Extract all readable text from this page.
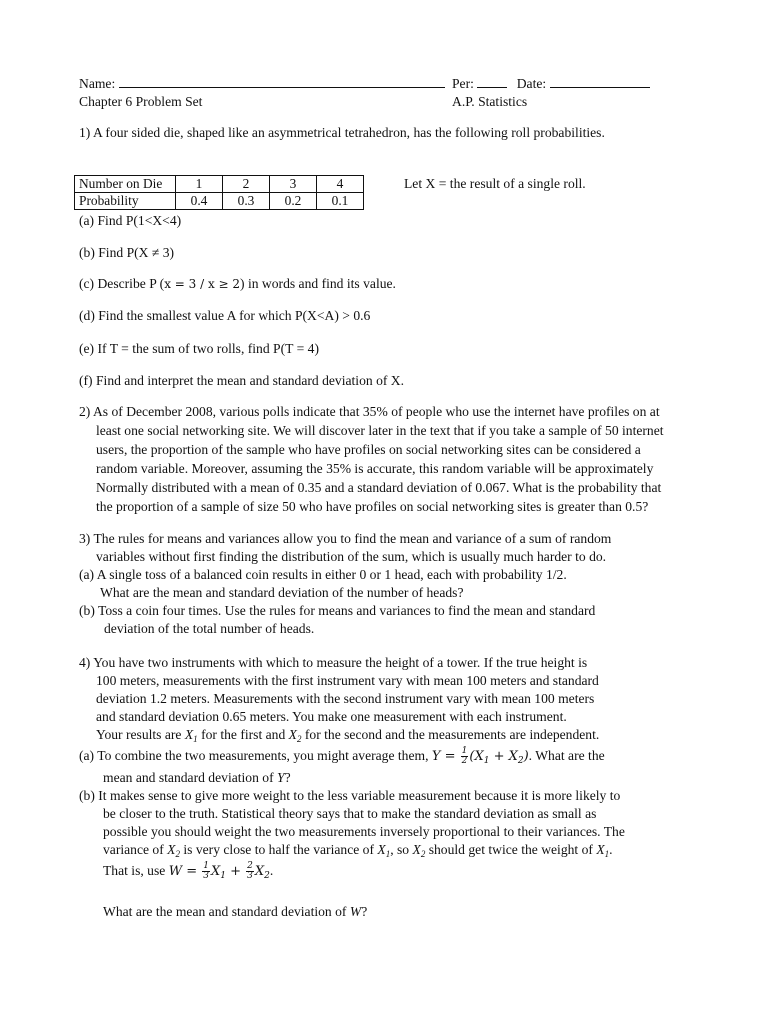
Name:	Per:	Date:
Chapter 6 Problem Set	A.P. Statistics
1) A four sided die, shaped like an asymmetrical tetrahedron, has the following roll probabilities.
Number on Die	1	2	3	4
Probability	0.4	0.3	0.2	0.1
Let X = the result of a single roll.
(a) Find P(1<X<4)
(b) Find P(X ≠ 3)
(c) Describe P (x = 3 / x ≥ 2) in words and find its value.
(d) Find the smallest value A for which P(X<A) > 0.6
(e) If T = the sum of two rolls, find P(T = 4)
(f) Find and interpret the mean and standard deviation of X.
2) As of December 2008, various polls indicate that 35% of people who use the internet have profiles on at
least one social networking site. We will discover later in the text that if you take a sample of 50 internet
users, the proportion of the sample who have profiles on social networking sites can be considered a
random variable. Moreover, assuming the 35% is accurate, this random variable will be approximately
Normally distributed with a mean of 0.35 and a standard deviation of 0.067. What is the probability that
the proportion of a sample of size 50 who have profiles on social networking sites is greater than 0.5?
3) The rules for means and variances allow you to find the mean and variance of a sum of random
variables without first finding the distribution of the sum, which is usually much harder to do.
(a) A single toss of a balanced coin results in either 0 or 1 head, each with probability 1/2.
What are the mean and standard deviation of the number of heads?
(b) Toss a coin four times. Use the rules for means and variances to find the mean and standard
deviation of the total number of heads.
4) You have two instruments with which to measure the height of a tower. If the true height is
100 meters, measurements with the first instrument vary with mean 100 meters and standard
deviation 1.2 meters. Measurements with the second instrument vary with mean 100 meters
and standard deviation 0.65 meters. You make one measurement with each instrument.
Your results are $X_1$ for the first and $X_2$ for the second and the measurements are independent.
(a) To combine the two measurements, you might average them, $Y = \frac{1}{2} (X_1 + X_2)$. What are the
mean and standard deviation of Y?
(b) It makes sense to give more weight to the less variable measurement because it is more likely to
be closer to the truth. Statistical theory says that to make the standard deviation as small as
possible you should weight the two measurements inversely proportional to their variances. The
variance of $X_2$ is very close to half the variance of $X_1$, so $X_2$ should get twice the weight of $X_1$.
That is, use $W = \frac{1}{3} X_1 + \frac{2}{3} X_2$.
What are the mean and standard deviation of W?
